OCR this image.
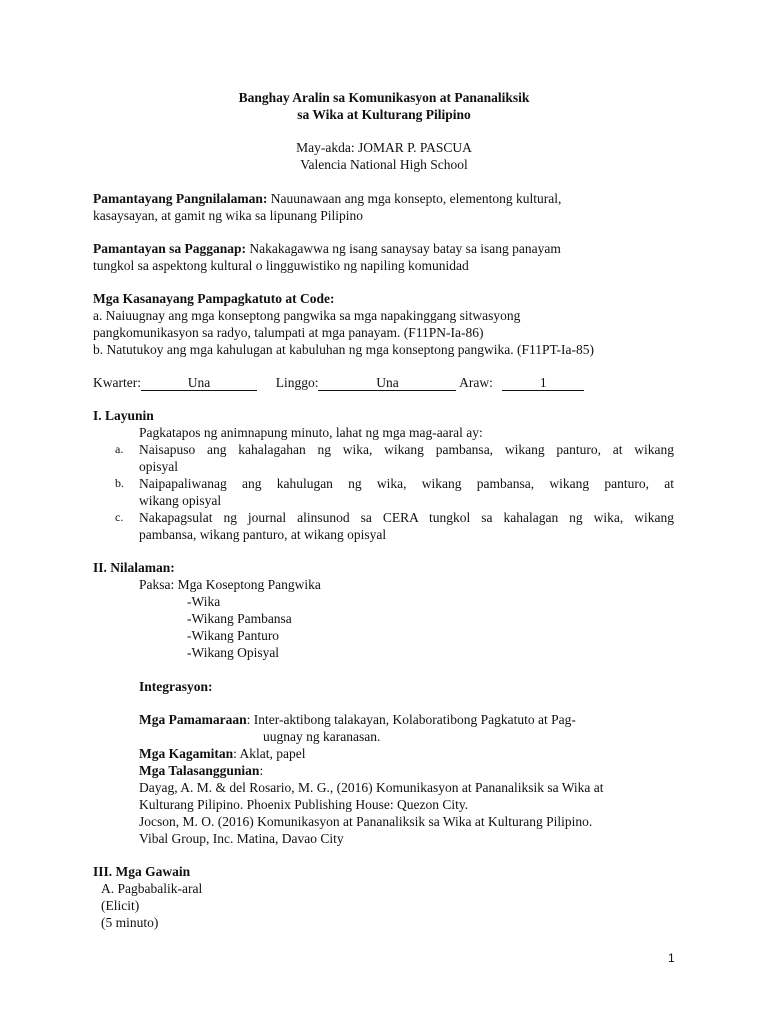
Banghay Aralin sa Komunikasyon at Pananaliksik
sa Wika at Kulturang Pilipino
May-akda: JOMAR P. PASCUA
Valencia National High School
Pamantayang Pangnilalaman: Nauunawaan ang mga konsepto, elementong kultural,
kasaysayan, at gamit ng wika sa lipunang Pilipino
Pamantayan sa Pagganap: Nakakagawwa ng isang sanaysay batay sa isang panayam
tungkol sa aspektong kultural o lingguwistiko ng napiling komunidad
Mga Kasanayang Pampagkatuto at Code:
a. Naiuugnay ang mga konseptong pangwika sa mga napakinggang sitwasyong
pangkomunikasyon sa radyo, talumpati at mga panayam. (F11PN-Ia-86)
b. Natutukoy ang mga kahulugan at kabuluhan ng mga konseptong pangwika. (F11PT-Ia-85)
Kwarter:	Una	Linggo:	Una	Araw:	1
I. Layunin
Pagkatapos ng animnapung minuto, lahat ng mga mag-aaral ay:
a. Naisapuso ang kahalagahan ng wika, wikang pambansa, wikang panturo, at wikang
opisyal
b. Naipapaliwanag ang kahulugan ng wika, wikang pambansa, wikang panturo, at
wikang opisyal
c. Nakapagsulat ng journal alinsunod sa CERA tungkol sa kahalagan ng wika, wikang
pambansa, wikang panturo, at wikang opisyal
II. Nilalaman:
Paksa: Mga Koseptong Pangwika
-Wika
-Wikang Pambansa
-Wikang Panturo
-Wikang Opisyal
Integrasyon:
Mga Pamamaraan: Inter-aktibong talakayan, Kolaboratibong Pagkatuto at Pag-
uugnay ng karanasan.
Mga Kagamitan: Aklat, papel
Mga Talasanggunian:
Dayag, A. M. & del Rosario, M. G., (2016) Komunikasyon at Pananaliksik sa Wika at
Kulturang Pilipino. Phoenix Publishing House: Quezon City.
Jocson, M. O. (2016) Komunikasyon at Pananaliksik sa Wika at Kulturang Pilipino.
Vibal Group, Inc. Matina, Davao City
III. Mga Gawain
A. Pagbabalik-aral
(Elicit)
(5 minuto)
1
